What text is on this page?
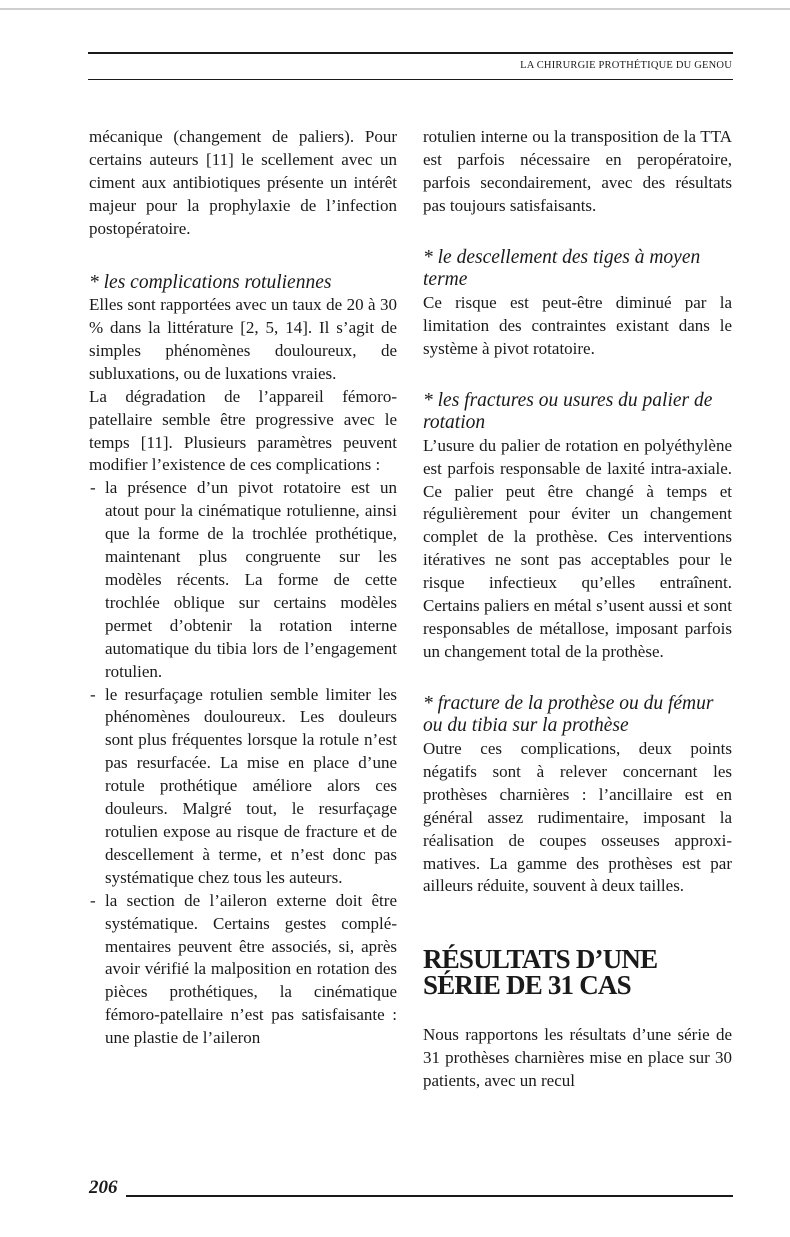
LA CHIRURGIE PROTHÉTIQUE DU GENOU

mécanique (changement de paliers). Pour certains auteurs [11] le scellement avec un ciment aux antibiotiques présente un intérêt majeur pour la prophylaxie de l’infection postopératoire.

* les complications rotuliennes

Elles sont rapportées avec un taux de 20 à 30 % dans la littérature [2, 5, 14]. Il s’agit de simples phénomènes douloureux, de subluxations, ou de luxations vraies.

La dégradation de l’appareil fémoro-patellaire semble être progressive avec le temps [11]. Plusieurs paramètres peuvent modifier l’existence de ces complications :

- la présence d’un pivot rotatoire est un atout pour la cinématique rotulienne, ainsi que la forme de la trochlée prothétique, maintenant plus congruente sur les modèles récents. La forme de cette trochlée oblique sur certains modèles permet d’obtenir la rotation interne automatique du tibia lors de l’engagement rotulien.
- le resurfaçage rotulien semble limiter les phénomènes douloureux. Les douleurs sont plus fréquentes lorsque la rotule n’est pas resurfacée. La mise en place d’une rotule prothétique améliore alors ces douleurs. Malgré tout, le resurfaçage rotulien expose au risque de fracture et de descellement à terme, et n’est donc pas systématique chez tous les auteurs.
- la section de l’aileron externe doit être systématique. Certains gestes complémentaires peuvent être associés, si, après avoir vérifié la malposition en rotation des pièces prothétiques, la cinématique fémoro-patellaire n’est pas satisfaisante : une plastie de l’aileron

rotulien interne ou la transposition de la TTA est parfois nécessaire en peropératoire, parfois secondairement, avec des résultats pas toujours satisfaisants.

* le descellement des tiges à moyen terme

Ce risque est peut-être diminué par la limitation des contraintes existant dans le système à pivot rotatoire.

* les fractures ou usures du palier de rotation

L’usure du palier de rotation en polyéthylène est parfois responsable de laxité intra-axiale. Ce palier peut être changé à temps et régulièrement pour éviter un changement complet de la prothèse. Ces interventions itératives ne sont pas acceptables pour le risque infectieux qu’elles entraînent. Certains paliers en métal s’usent aussi et sont responsables de métallose, imposant parfois un changement total de la prothèse.

* fracture de la prothèse ou du fémur ou du tibia sur la prothèse

Outre ces complications, deux points négatifs sont à relever concernant les prothèses charnières : l’ancillaire est en général assez rudimentaire, imposant la réalisation de coupes osseuses approximatives. La gamme des prothèses est par ailleurs réduite, souvent à deux tailles.

RÉSULTATS D’UNE SÉRIE DE 31 CAS

Nous rapportons les résultats d’une série de 31 prothèses charnières mise en place sur 30 patients, avec un recul

206
